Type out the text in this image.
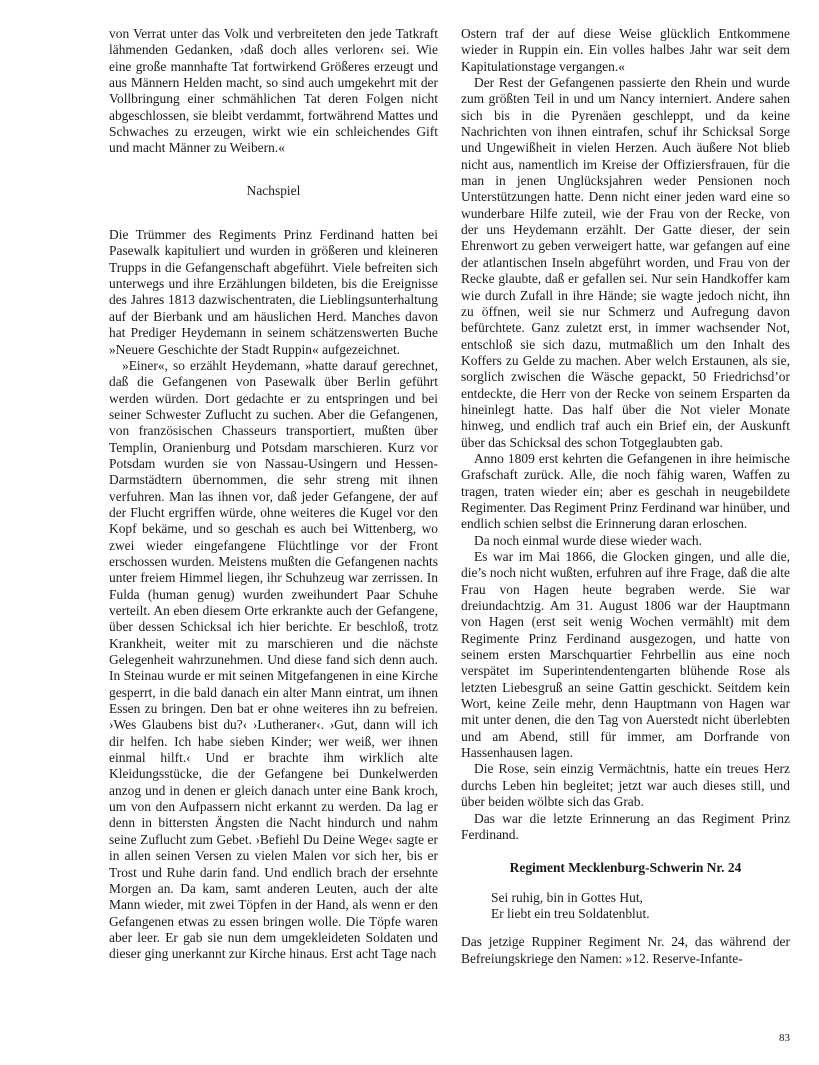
von Verrat unter das Volk und verbreiteten den jede Tatkraft lähmenden Gedanken, ›daß doch alles verloren‹ sei. Wie eine große mannhafte Tat fortwirkend Größeres erzeugt und aus Männern Helden macht, so sind auch umgekehrt mit der Vollbringung einer schmählichen Tat deren Folgen nicht abgeschlossen, sie bleibt verdammt, fortwährend Mattes und Schwaches zu erzeugen, wirkt wie ein schleichendes Gift und macht Männer zu Weibern.«

Nachspiel

Die Trümmer des Regiments Prinz Ferdinand hatten bei Pasewalk kapituliert und wurden in größeren und kleineren Trupps in die Gefangenschaft abgeführt. Viele befreiten sich unterwegs und ihre Erzählungen bildeten, bis die Ereignisse des Jahres 1813 dazwischentraten, die Lieblingsunterhaltung auf der Bierbank und am häuslichen Herd. Manches davon hat Prediger Heydemann in seinem schätzenswerten Buche »Neuere Geschichte der Stadt Ruppin« aufgezeichnet.

»Einer«, so erzählt Heydemann, »hatte darauf gerechnet, daß die Gefangenen von Pasewalk über Berlin geführt werden würden. Dort gedachte er zu entspringen und bei seiner Schwester Zuflucht zu suchen. Aber die Gefangenen, von französischen Chasseurs transportiert, mußten über Templin, Oranienburg und Potsdam marschieren. Kurz vor Potsdam wurden sie von Nassau-Usingern und Hessen-Darmstädtern übernommen, die sehr streng mit ihnen verfuhren. Man las ihnen vor, daß jeder Gefangene, der auf der Flucht ergriffen würde, ohne weiteres die Kugel vor den Kopf bekäme, und so geschah es auch bei Wittenberg, wo zwei wieder eingefangene Flüchtlinge vor der Front erschossen wurden. Meistens mußten die Gefangenen nachts unter freiem Himmel liegen, ihr Schuhzeug war zerrissen. In Fulda (human genug) wurden zweihundert Paar Schuhe verteilt. An eben diesem Orte erkrankte auch der Gefangene, über dessen Schicksal ich hier berichte. Er beschloß, trotz Krankheit, weiter mit zu marschieren und die nächste Gelegenheit wahrzunehmen. Und diese fand sich denn auch. In Steinau wurde er mit seinen Mitgefangenen in eine Kirche gesperrt, in die bald danach ein alter Mann eintrat, um ihnen Essen zu bringen. Den bat er ohne weiteres ihn zu befreien. ›Wes Glaubens bist du?‹ ›Lutheraner‹. ›Gut, dann will ich dir helfen. Ich habe sieben Kinder; wer weiß, wer ihnen einmal hilft.‹ Und er brachte ihm wirklich alte Kleidungsstücke, die der Gefangene bei Dunkelwerden anzog und in denen er gleich danach unter eine Bank kroch, um von den Aufpassern nicht erkannt zu werden. Da lag er denn in bittersten Ängsten die Nacht hindurch und nahm seine Zuflucht zum Gebet. ›Befiehl Du Deine Wege‹ sagte er in allen seinen Versen zu vielen Malen vor sich her, bis er Trost und Ruhe darin fand. Und endlich brach der ersehnte Morgen an. Da kam, samt anderen Leuten, auch der alte Mann wieder, mit zwei Töpfen in der Hand, als wenn er den Gefangenen etwas zu essen bringen wolle. Die Töpfe waren aber leer. Er gab sie nun dem umgekleideten Soldaten und dieser ging unerkannt zur Kirche hinaus. Erst acht Tage nach

Ostern traf der auf diese Weise glücklich Entkommene wieder in Ruppin ein. Ein volles halbes Jahr war seit dem Kapitulationstage vergangen.«

Der Rest der Gefangenen passierte den Rhein und wurde zum größten Teil in und um Nancy interniert. Andere sahen sich bis in die Pyrenäen geschleppt, und da keine Nachrichten von ihnen eintrafen, schuf ihr Schicksal Sorge und Ungewißheit in vielen Herzen. Auch äußere Not blieb nicht aus, namentlich im Kreise der Offiziersfrauen, für die man in jenen Unglücksjahren weder Pensionen noch Unterstützungen hatte. Denn nicht einer jeden ward eine so wunderbare Hilfe zuteil, wie der Frau von der Recke, von der uns Heydemann erzählt. Der Gatte dieser, der sein Ehrenwort zu geben verweigert hatte, war gefangen auf eine der atlantischen Inseln abgeführt worden, und Frau von der Recke glaubte, daß er gefallen sei. Nur sein Handkoffer kam wie durch Zufall in ihre Hände; sie wagte jedoch nicht, ihn zu öffnen, weil sie nur Schmerz und Aufregung davon befürchtete. Ganz zuletzt erst, in immer wachsender Not, entschloß sie sich dazu, mutmaßlich um den Inhalt des Koffers zu Gelde zu machen. Aber welch Erstaunen, als sie, sorglich zwischen die Wäsche gepackt, 50 Friedrichsd’or entdeckte, die Herr von der Recke von seinem Ersparten da hineinlegt hatte. Das half über die Not vieler Monate hinweg, und endlich traf auch ein Brief ein, der Auskunft über das Schicksal des schon Totgeglaubten gab.

Anno 1809 erst kehrten die Gefangenen in ihre heimische Grafschaft zurück. Alle, die noch fähig waren, Waffen zu tragen, traten wieder ein; aber es geschah in neugebildete Regimenter. Das Regiment Prinz Ferdinand war hinüber, und endlich schien selbst die Erinnerung daran erloschen.

Da noch einmal wurde diese wieder wach.

Es war im Mai 1866, die Glocken gingen, und alle die, die’s noch nicht wußten, erfuhren auf ihre Frage, daß die alte Frau von Hagen heute begraben werde. Sie war dreiundachtzig. Am 31. August 1806 war der Hauptmann von Hagen (erst seit wenig Wochen vermählt) mit dem Regimente Prinz Ferdinand ausgezogen, und hatte von seinem ersten Marschquartier Fehrbellin aus eine noch verspätet im Superintendentengarten blühende Rose als letzten Liebesgruß an seine Gattin geschickt. Seitdem kein Wort, keine Zeile mehr, denn Hauptmann von Hagen war mit unter denen, die den Tag von Auerstedt nicht überlebten und am Abend, still für immer, am Dorfrande von Hassenhausen lagen.

Die Rose, sein einzig Vermächtnis, hatte ein treues Herz durchs Leben hin begleitet; jetzt war auch dieses still, und über beiden wölbte sich das Grab.

Das war die letzte Erinnerung an das Regiment Prinz Ferdinand.

Regiment Mecklenburg-Schwerin Nr. 24
Sei ruhig, bin in Gottes Hut,
Er liebt ein treu Soldatenblut.

Das jetzige Ruppiner Regiment Nr. 24, das während der Befreiungskriege den Namen: »12. Reserve-Infante-

83
